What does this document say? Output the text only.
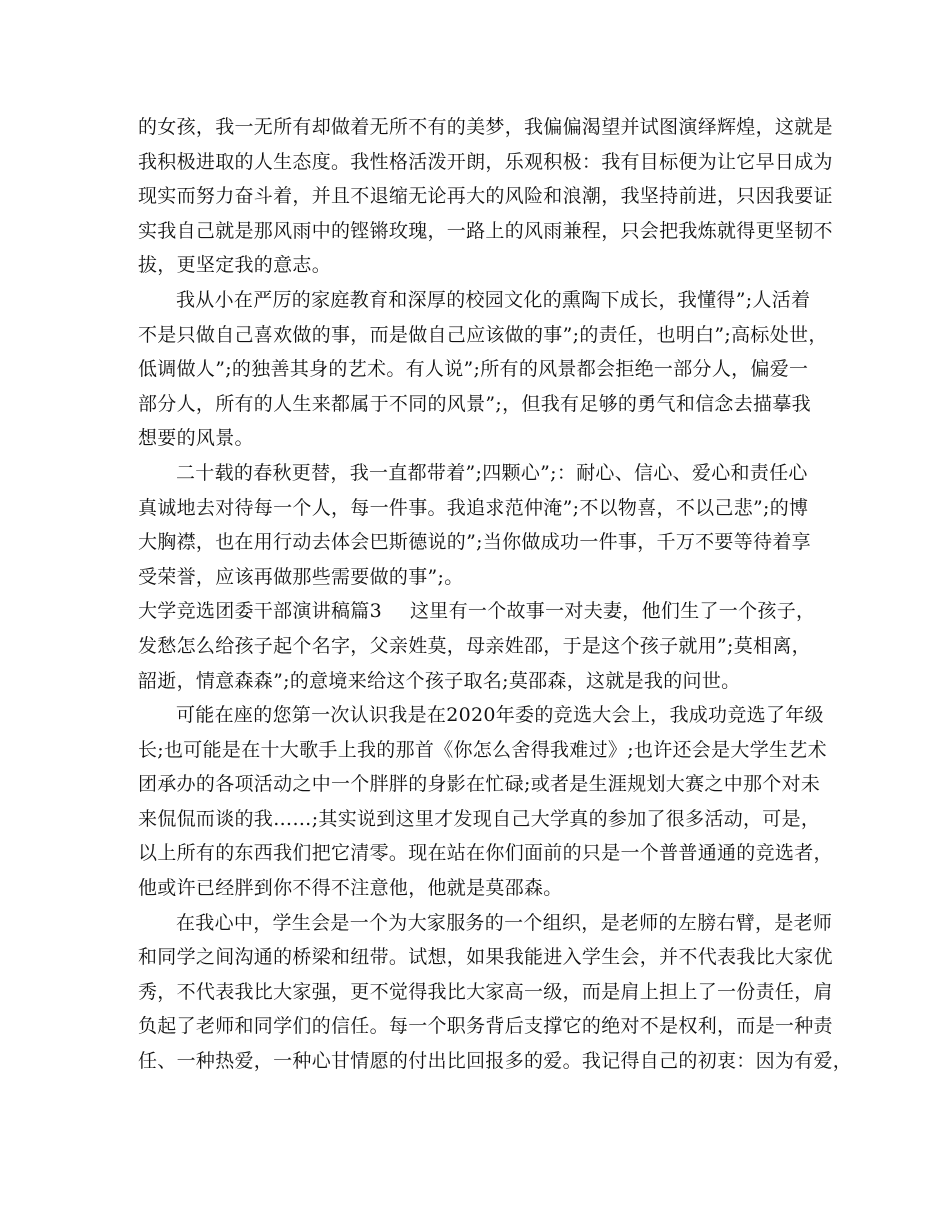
的女孩，我一无所有却做着无所不有的美梦，我偏偏渴望并试图演绎辉煌，这就是
我积极进取的人生态度。我性格活泼开朗，乐观积极：我有目标便为让它早日成为
现实而努力奋斗着，并且不退缩无论再大的风险和浪潮，我坚持前进，只因我要证
实我自己就是那风雨中的铿锵玫瑰，一路上的风雨兼程，只会把我炼就得更坚韧不
拔，更坚定我的意志。
我从小在严厉的家庭教育和深厚的校园文化的熏陶下成长，我懂得”;人活着
不是只做自己喜欢做的事，而是做自己应该做的事”;的责任，也明白”;高标处世，
低调做人”;的独善其身的艺术。有人说”;所有的风景都会拒绝一部分人，偏爱一
部分人，所有的人生来都属于不同的风景”;，但我有足够的勇气和信念去描摹我
想要的风景。
二十载的春秋更替，我一直都带着”;四颗心”;：耐心、信心、爱心和责任心
真诚地去对待每一个人，每一件事。我追求范仲淹”;不以物喜，不以己悲”;的博
大胸襟，也在用行动去体会巴斯德说的”;当你做成功一件事，千万不要等待着享
受荣誉，应该再做那些需要做的事”;。
大学竞选团委干部演讲稿篇3 这里有一个故事一对夫妻，他们生了一个孩子，
发愁怎么给孩子起个名字，父亲姓莫，母亲姓邵，于是这个孩子就用”;莫相离，
韶逝，情意森森”;的意境来给这个孩子取名;莫邵森，这就是我的问世。
可能在座的您第一次认识我是在2020年委的竞选大会上，我成功竞选了年级
长;也可能是在十大歌手上我的那首《你怎么舍得我难过》;也许还会是大学生艺术
团承办的各项活动之中一个胖胖的身影在忙碌;或者是生涯规划大赛之中那个对未
来侃侃而谈的我……;其实说到这里才发现自己大学真的参加了很多活动，可是，
以上所有的东西我们把它清零。现在站在你们面前的只是一个普普通通的竞选者，
他或许已经胖到你不得不注意他，他就是莫邵森。
在我心中，学生会是一个为大家服务的一个组织，是老师的左膀右臂，是老师
和同学之间沟通的桥梁和纽带。试想，如果我能进入学生会，并不代表我比大家优
秀，不代表我比大家强，更不觉得我比大家高一级，而是肩上担上了一份责任，肩
负起了老师和同学们的信任。每一个职务背后支撑它的绝对不是权利，而是一种责
任、一种热爱，一种心甘情愿的付出比回报多的爱。我记得自己的初衷：因为有爱，
